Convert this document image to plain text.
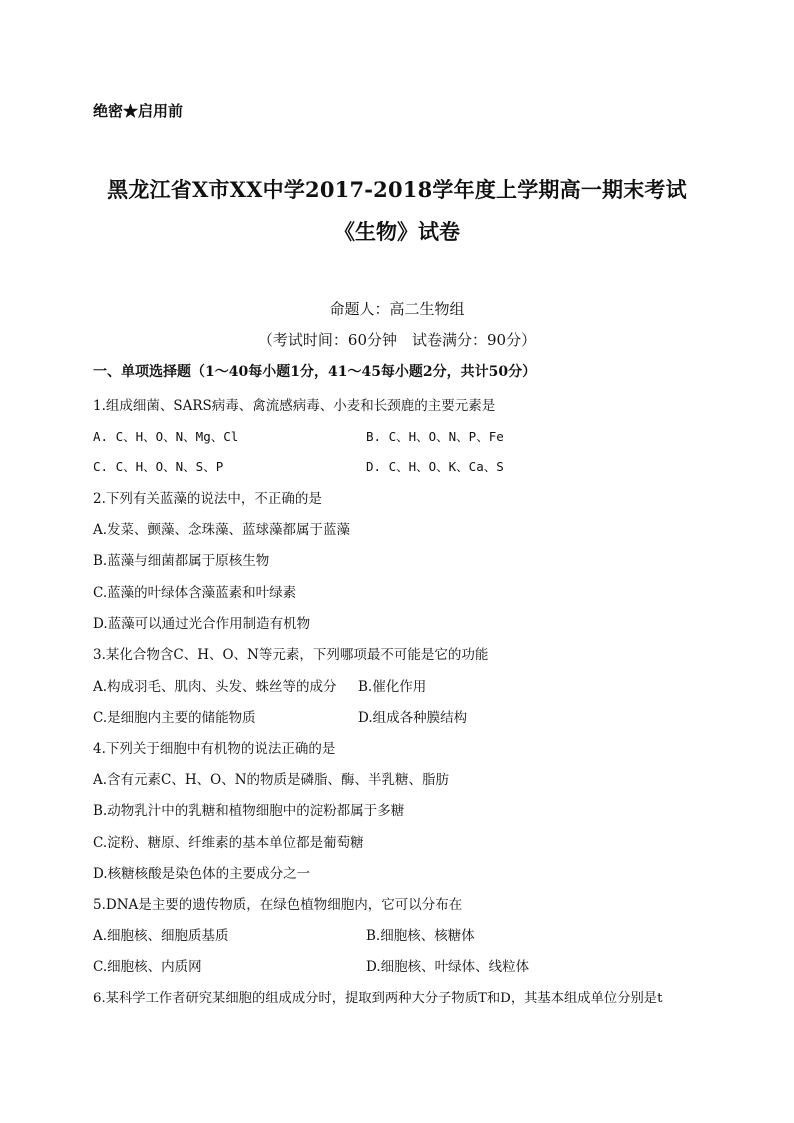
绝密★启用前
黑龙江省X市XX中学2017-2018学年度上学期高一期末考试
《生物》试卷
命题人：高二生物组
（考试时间：60分钟　试卷满分：90分）
一、单项选择题（1～40每小题1分，41～45每小题2分，共计50分）
1.组成细菌、SARS病毒、禽流感病毒、小麦和长颈鹿的主要元素是
A. C、H、O、N、Mg、Cl	B. C、H、O、N、P、Fe
C. C、H、O、N、S、P	D. C、H、O、K、Ca、S
2.下列有关蓝藻的说法中，不正确的是
A.发菜、颤藻、念珠藻、蓝球藻都属于蓝藻
B.蓝藻与细菌都属于原核生物
C.蓝藻的叶绿体含藻蓝素和叶绿素
D.蓝藻可以通过光合作用制造有机物
3.某化合物含C、H、O、N等元素，下列哪项最不可能是它的功能
A.构成羽毛、肌肉、头发、蛛丝等的成分 B.催化作用
C.是细胞内主要的储能物质	D.组成各种膜结构
4.下列关于细胞中有机物的说法正确的是
A.含有元素C、H、O、N的物质是磷脂、酶、半乳糖、脂肪
B.动物乳汁中的乳糖和植物细胞中的淀粉都属于多糖
C.淀粉、糖原、纤维素的基本单位都是葡萄糖
D.核糖核酸是染色体的主要成分之一
5.DNA是主要的遗传物质，在绿色植物细胞内，它可以分布在
A.细胞核、细胞质基质	B.细胞核、核糖体
C.细胞核、内质网	D.细胞核、叶绿体、线粒体
6.某科学工作者研究某细胞的组成成分时，提取到两种大分子物质T和D，其基本组成单位分别是t
